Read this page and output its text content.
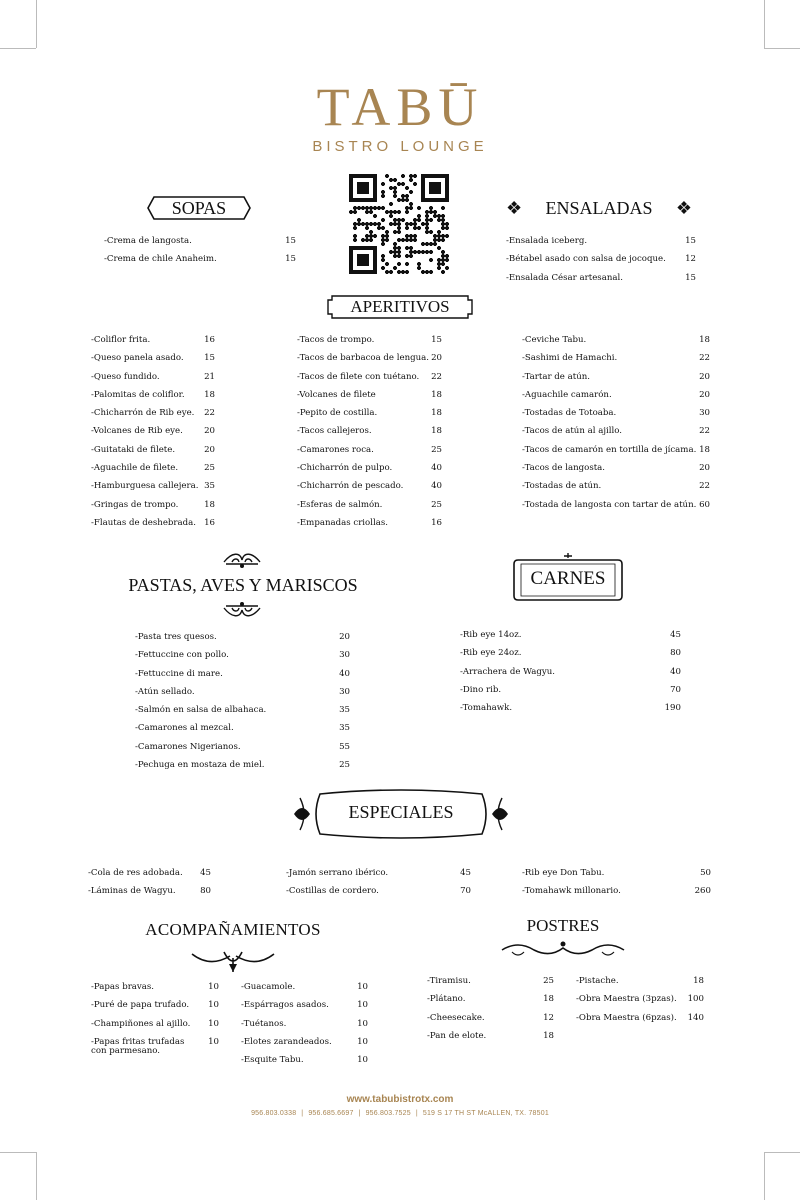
TABŪ
BISTRO LOUNGE
SOPAS
-Crema de langosta.	15
-Crema de chile Anaheim.	15
❖ ENSALADAS ❖
-Ensalada iceberg.	15
-Bétabel asado con salsa de jocoque. 12
-Ensalada César artesanal.	15
APERITIVOS
-Coliflor frita.	16
-Queso panela asado. 15
-Queso fundido.	21
-Palomitas de coliflor. 18
-Chicharrón de Rib eye. 22
-Volcanes de Rib eye. 20
-Guitataki de filete.	20
-Aguachile de filete.	25
-Hamburguesa callejera. 35
-Gringas de trompo.	18
-Flautas de deshebrada. 16
-Tacos de trompo.	15
-Tacos de barbacoa de lengua. 20
-Tacos de filete con tuétano. 22
-Volcanes de filete	18
-Pepito de costilla.	18
-Tacos callejeros.	18
-Camarones roca.	25
-Chicharrón de pulpo.	40
-Chicharrón de pescado.	40
-Esferas de salmón.	25
-Empanadas criollas.	16
-Ceviche Tabu.	18
-Sashimi de Hamachi.	22
-Tartar de atún.	20
-Aguachile camarón.	20
-Tostadas de Totoaba.	30
-Tacos de atún al ajillo.	22
-Tacos de camarón en tortilla de jícama. 18
-Tacos de langosta.	20
-Tostadas de atún.	22
-Tostada de langosta con tartar de atún. 60
PASTAS, AVES Y MARISCOS
-Pasta tres quesos.	20
-Fettuccine con pollo.	30
-Fettuccine di mare.	40
-Atún sellado.	30
-Salmón en salsa de albahaca.	35
-Camarones al mezcal.	35
-Camarones Nigerianos.	55
-Pechuga en mostaza de miel.	25
CARNES
-Rib eye 14oz.	45
-Rib eye 24oz.	80
-Arrachera de Wagyu.	40
-Dino rib.	70
-Tomahawk.	190
ESPECIALES
-Cola de res adobada. 45
-Láminas de Wagyu.	80
-Jamón serrano ibérico.	45
-Costillas de cordero.	70
-Rib eye Don Tabu.	50
-Tomahawk millonario.	260
ACOMPAÑAMIENTOS
-Papas bravas.	10
-Puré de papa trufado. 10
-Champiñones al ajillo. 10
-Papas fritas trufadas	10
con parmesano.
-Guacamole.	10
-Espárragos asados.	10
-Tuétanos.	10
-Elotes zarandeados.	10
-Esquite Tabu.	10
POSTRES
-Tiramisu.	25
-Plátano.	18
-Cheesecake.	12
-Pan de elote.	18
-Pistache.	18
-Obra Maestra (3pzas). 100
-Obra Maestra (6pzas). 140
www.tabubistrotx.com
956.803.0338 | 956.685.6697 | 956.803.7525 | 519 S 17 TH ST McALLEN, TX. 78501
